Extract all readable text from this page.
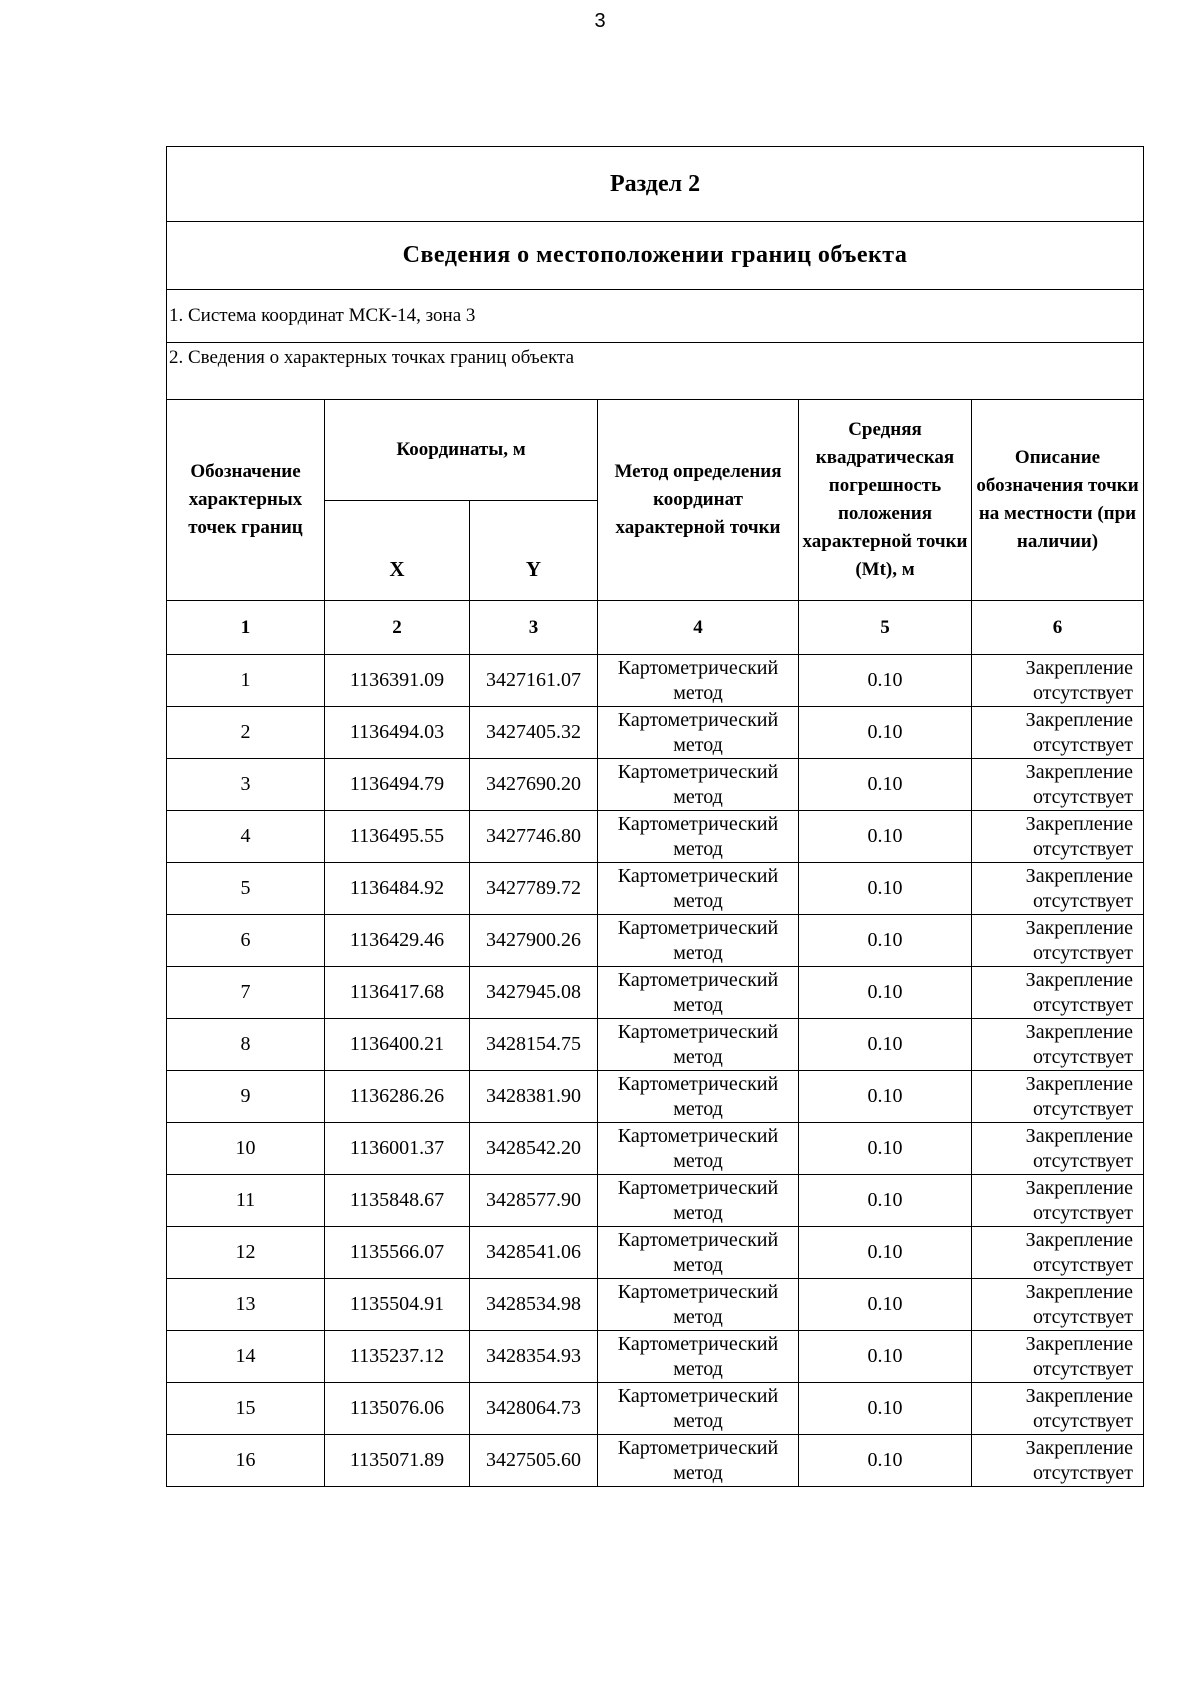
3
Раздел 2					
Сведения о местоположении границ объекта					
1. Система координат МСК-14, зона 3					
2. Сведения о характерных точках границ объекта					
Обозначение характерных точек границ	Координаты, м		Метод определения координат характерной точки	Средняя квадратическая погрешность положения характерной точки (Mt), м	Описание обозначения точки на местности (при наличии)
	X	Y			
1	2	3	4	5	6
1	1136391.09	3427161.07	Картометрический метод	0.10	Закрепление отсутствует
2	1136494.03	3427405.32	Картометрический метод	0.10	Закрепление отсутствует
3	1136494.79	3427690.20	Картометрический метод	0.10	Закрепление отсутствует
4	1136495.55	3427746.80	Картометрический метод	0.10	Закрепление отсутствует
5	1136484.92	3427789.72	Картометрический метод	0.10	Закрепление отсутствует
6	1136429.46	3427900.26	Картометрический метод	0.10	Закрепление отсутствует
7	1136417.68	3427945.08	Картометрический метод	0.10	Закрепление отсутствует
8	1136400.21	3428154.75	Картометрический метод	0.10	Закрепление отсутствует
9	1136286.26	3428381.90	Картометрический метод	0.10	Закрепление отсутствует
10	1136001.37	3428542.20	Картометрический метод	0.10	Закрепление отсутствует
11	1135848.67	3428577.90	Картометрический метод	0.10	Закрепление отсутствует
12	1135566.07	3428541.06	Картометрический метод	0.10	Закрепление отсутствует
13	1135504.91	3428534.98	Картометрический метод	0.10	Закрепление отсутствует
14	1135237.12	3428354.93	Картометрический метод	0.10	Закрепление отсутствует
15	1135076.06	3428064.73	Картометрический метод	0.10	Закрепление отсутствует
16	1135071.89	3427505.60	Картометрический метод	0.10	Закрепление отсутствует
